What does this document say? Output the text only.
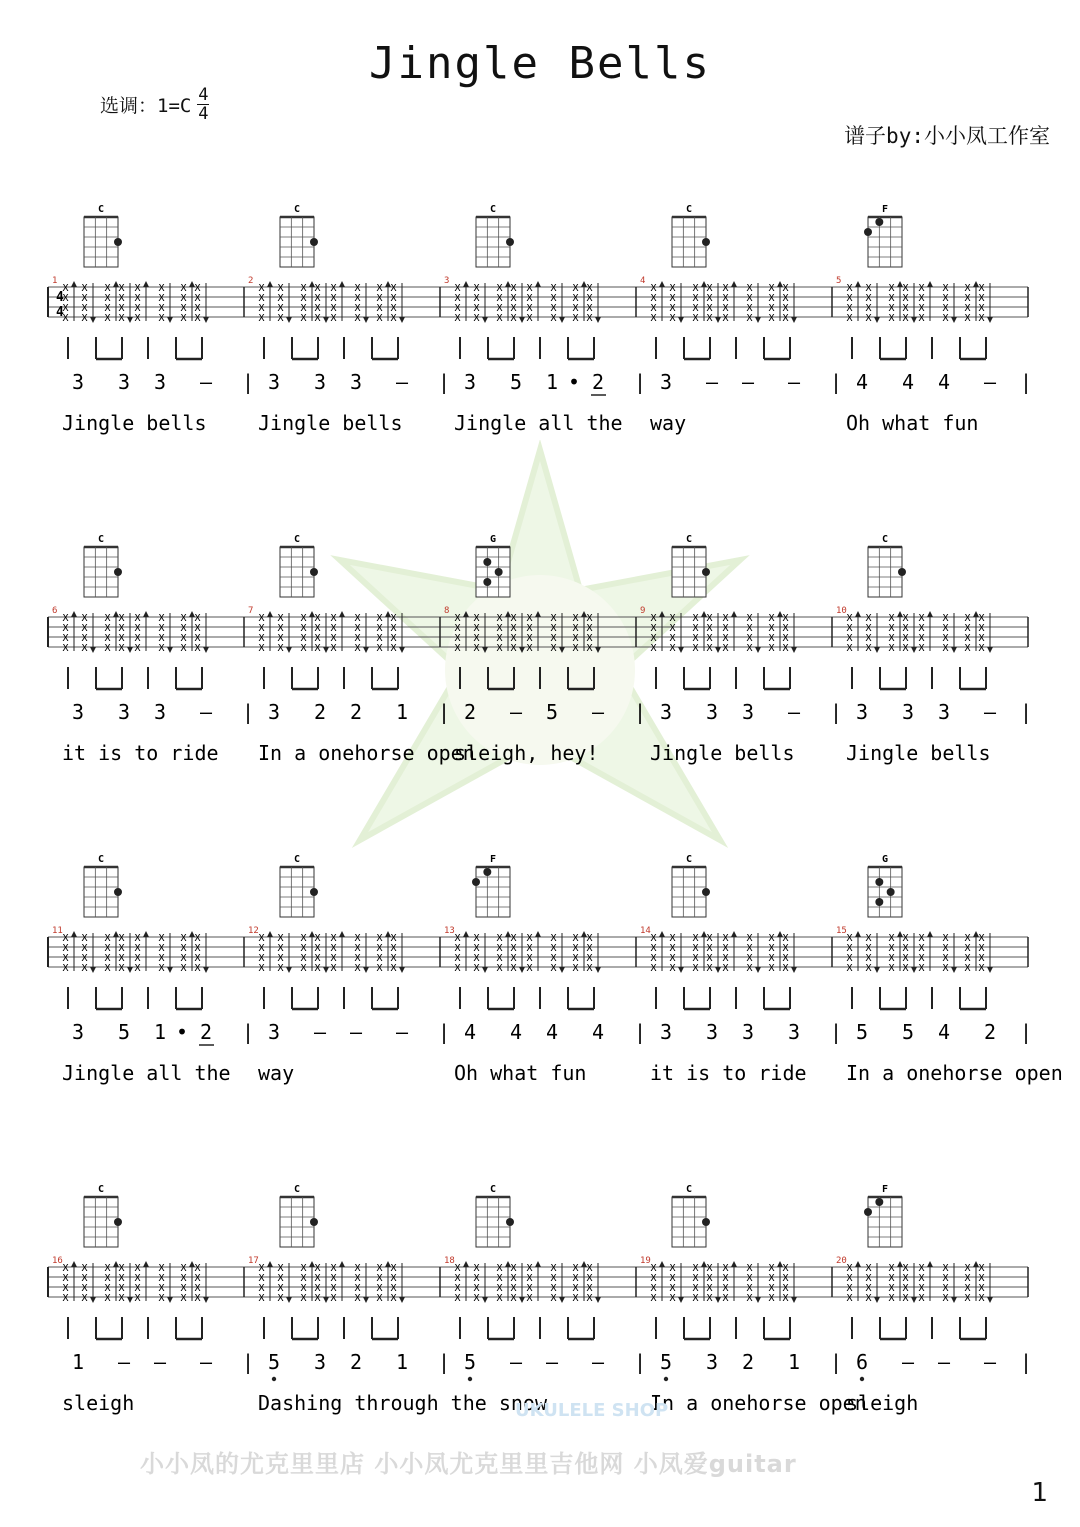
Jingle Bells
选调：$1=C \frac{4}{4}$
谱子by:小小凤工作室
4
4
1
C
X
X
X
X
X
X
X
X
X
X
X
X
X
X
X
X
X
X
X
X
X
X
X
X
X
X
X
X
X
X
X
X
3 3 3 – |
Jingle bells
2
C
X
X
X
X
X
X
X
X
X
X
X
X
X
X
X
X
X
X
X
X
X
X
X
X
X
X
X
X
X
X
X
X
3 3 3 – |
Jingle bells
3
C
X
X
X
X
X
X
X
X
X
X
X
X
X
X
X
X
X
X
X
X
X
X
X
X
X
X
X
X
X
X
X
X
3 5 1 • 2 |
Jingle all the
4
C
X
X
X
X
X
X
X
X
X
X
X
X
X
X
X
X
X
X
X
X
X
X
X
X
X
X
X
X
X
X
X
X
3 – – – |
way
5
F
X
X
X
X
X
X
X
X
X
X
X
X
X
X
X
X
X
X
X
X
X
X
X
X
X
X
X
X
X
X
X
X
4 4 4 –
Oh what fun
|
6
C
X
X
X
X
X
X
X
X
X
X
X
X
X
X
X
X
X
X
X
X
X
X
X
X
X
X
X
X
X
X
X
X
3 3 3 – |
it is to ride
7
C
X
X
X
X
X
X
X
X
X
X
X
X
X
X
X
X
X
X
X
X
X
X
X
X
X
X
X
X
X
X
X
X
3 2 2 1 |
In a onehorse open
8
G
X
X
X
X
X
X
X
X
X
X
X
X
X
X
X
X
X
X
X
X
X
X
X
X
X
X
X
X
X
X
X
X
2 – 5 – |
sleigh, hey!
9
C
X
X
X
X
X
X
X
X
X
X
X
X
X
X
X
X
X
X
X
X
X
X
X
X
X
X
X
X
X
X
X
X
3 3 3 – |
Jingle bells
10
C
X
X
X
X
X
X
X
X
X
X
X
X
X
X
X
X
X
X
X
X
X
X
X
X
X
X
X
X
X
X
X
X
3 3 3 –
Jingle bells
|
11
C
X
X
X
X
X
X
X
X
X
X
X
X
X
X
X
X
X
X
X
X
X
X
X
X
X
X
X
X
X
X
X
X
3 5 1 • 2 |
Jingle all the
12
C
X
X
X
X
X
X
X
X
X
X
X
X
X
X
X
X
X
X
X
X
X
X
X
X
X
X
X
X
X
X
X
X
3 – – – |
way
13
F
X
X
X
X
X
X
X
X
X
X
X
X
X
X
X
X
X
X
X
X
X
X
X
X
X
X
X
X
X
X
X
X
4 4 4 4 |
Oh what fun
14
C
X
X
X
X
X
X
X
X
X
X
X
X
X
X
X
X
X
X
X
X
X
X
X
X
X
X
X
X
X
X
X
X
3 3 3 3 |
it is to ride
15
G
X
X
X
X
X
X
X
X
X
X
X
X
X
X
X
X
X
X
X
X
X
X
X
X
X
X
X
X
X
X
X
X
5 5 4 2
In a onehorse open
|
16
C
X
X
X
X
X
X
X
X
X
X
X
X
X
X
X
X
X
X
X
X
X
X
X
X
X
X
X
X
X
X
X
X
1 – – – |
sleigh
17
C
X
X
X
X
X
X
X
X
X
X
X
X
X
X
X
X
X
X
X
X
X
X
X
X
X
X
X
X
X
X
X
X
5 3 2 1 |
Dashing through the snow
18
C
X
X
X
X
X
X
X
X
X
X
X
X
X
X
X
X
X
X
X
X
X
X
X
X
X
X
X
X
X
X
X
X
5 – – – |
19
C
X
X
X
X
X
X
X
X
X
X
X
X
X
X
X
X
X
X
X
X
X
X
X
X
X
X
X
X
X
X
X
X
5 3 2 1 |
In a onehorse open
20
F
X
X
X
X
X
X
X
X
X
X
X
X
X
X
X
X
X
X
X
X
X
X
X
X
X
X
X
X
X
X
X
X
6 – – –
sleigh
|
UKULELE SHOP
小小凤的尤克里里店 小小凤尤克里里吉他网 小凤爱guitar
1
